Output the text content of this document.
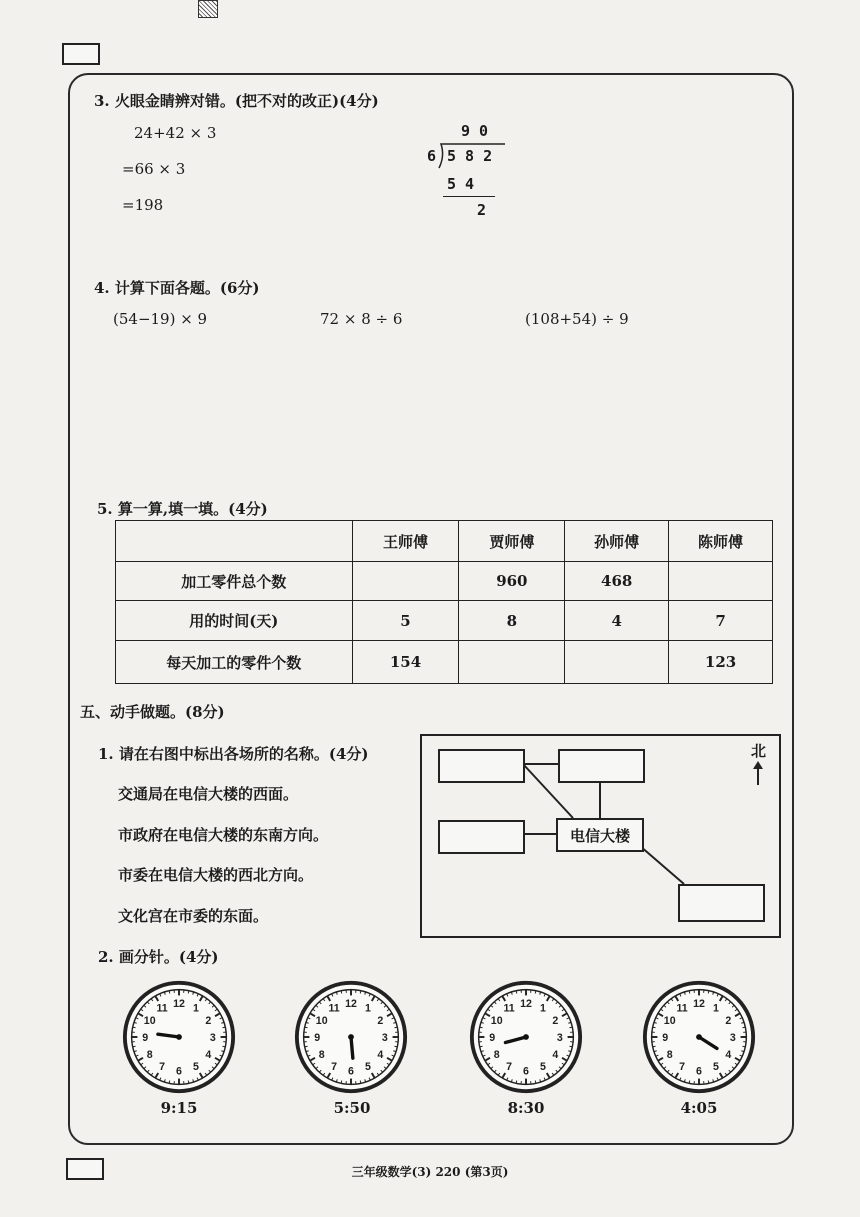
3. 火眼金睛辨对错。(把不对的改正)(4分)
24+42 × 3
=66 × 3
=198
9 0
6 5 8 2
5 4
2
4. 计算下面各题。(6分)
(54−19) × 9	72 × 8 ÷ 6	(108+54) ÷ 9
5. 算一算,填一填。(4分)
	王师傅	贾师傅	孙师傅	陈师傅
加工零件总个数		960	468	
用的时间(天)	5	8	4	7
每天加工的零件个数	154			123
五、动手做题。(8分)
1. 请在右图中标出各场所的名称。(4分)
交通局在电信大楼的西面。
市政府在电信大楼的东南方向。
市委在电信大楼的西北方向。
文化宫在市委的东面。
电信大楼
北
2. 画分针。(4分)
1
2
3
4
5
6
7
8
9
10
11 12	1
2
3
4
5
6
7
8
9
10
11 12	1
2
3
4
5
6
7
8
9
10
11 12	1
2
3
4
5
6
7
8
9
10
11 12
9:15	5:50	8:30	4:05
三年级数学(3) 220 (第3页)
